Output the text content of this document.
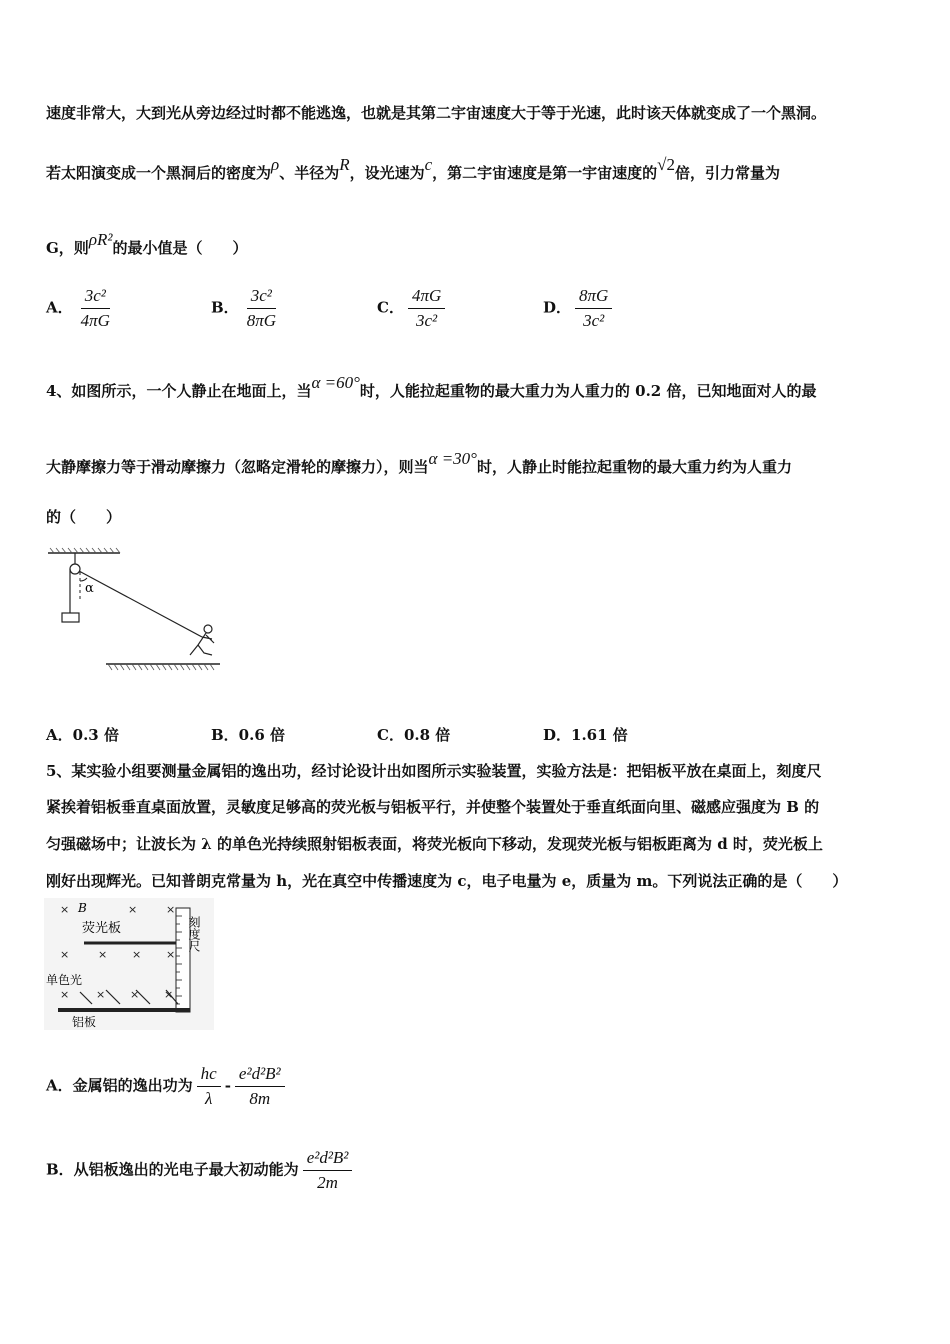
速度非常大，大到光从旁边经过时都不能逃逸，也就是其第二宇宙速度大于等于光速，此时该天体就变成了一个黑洞。
若太阳演变成一个黑洞后的密度为ρ、半径为R，设光速为c，第二宇宙速度是第一宇宙速度的√2倍，引力常量为
G，则ρR²的最小值是（　　）
A． $\frac{\text{3c²}}{4\pi G}$	B． $\frac{\text{3c²}}{8\pi G}$	C． $\frac{4\pi G}{\text{3c²}}$	D． $\frac{8\pi G}{\text{3c²}}$
4、如图所示，一个人静止在地面上，当α =60°时，人能拉起重物的最大重力为人重力的 0.2 倍，已知地面对人的最
大静摩擦力等于滑动摩擦力（忽略定滑轮的摩擦力），则当α =30°时，人静止时能拉起重物的最大重力约为人重力
的（　　）
α
A．0.3 倍	B．0.6 倍	C．0.8 倍	D．1.61 倍
5、某实验小组要测量金属铝的逸出功，经讨论设计出如图所示实验装置，实验方法是：把铝板平放在桌面上，刻度尺
紧挨着铝板垂直桌面放置，灵敏度足够高的荧光板与铝板平行，并使整个装置处于垂直纸面向里、磁感应强度为 B 的
匀强磁场中；让波长为 λ 的单色光持续照射铝板表面，将荧光板向下移动，发现荧光板与铝板距离为 d 时，荧光板上
刚好出现辉光。已知普朗克常量为 h，光在真空中传播速度为 c，电子电量为 e，质量为 m。下列说法正确的是（　　）
×	×	×
×	× × ×
× × × ×
B
荧光板	刻度尺
单色光
铝板
A．金属铝的逸出功为 $\frac{hc}{\lambda} - \frac{\text{e²d²B²}}{8m}$
B．从铝板逸出的光电子最大初动能为 $\frac{\text{e²d²B²}}{2m}$
